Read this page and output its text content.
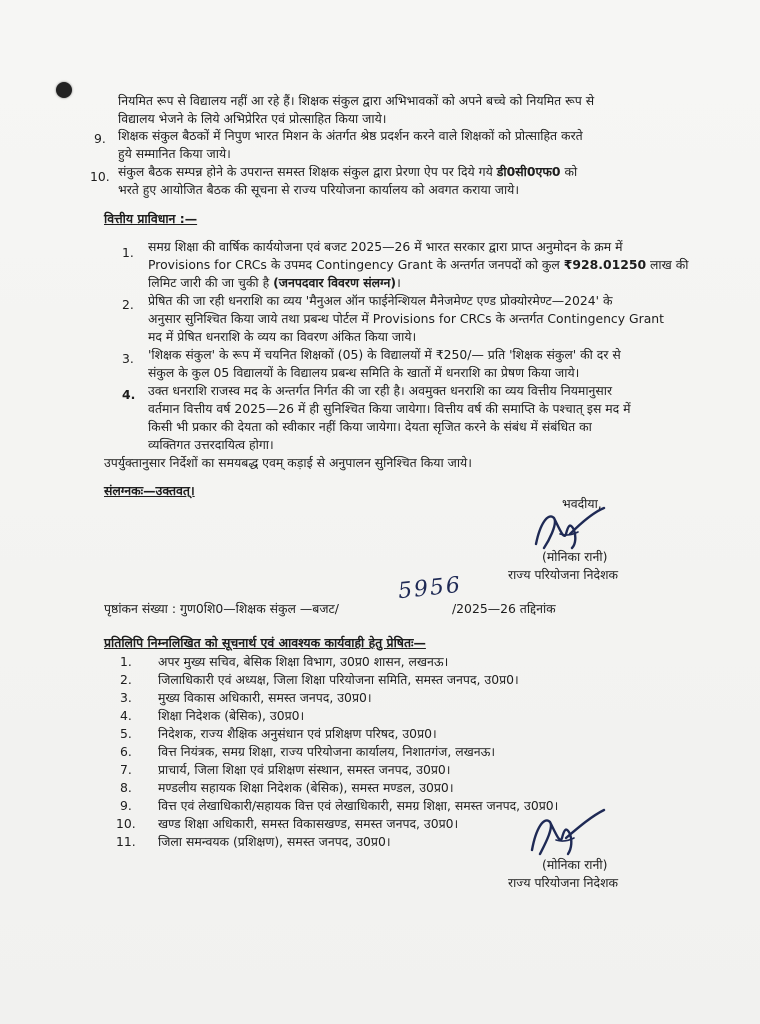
नियमित रूप से विद्यालय नहीं आ रहे हैं। शिक्षक संकुल द्वारा अभिभावकों को अपने बच्चे को नियमित रूप से
विद्यालय भेजने के लिये अभिप्रेरित एवं प्रोत्साहित किया जाये।
9. शिक्षक संकुल बैठकों में निपुण भारत मिशन के अंतर्गत श्रेष्ठ प्रदर्शन करने वाले शिक्षकों को प्रोत्साहित करते
हुये सम्मानित किया जाये।
10. संकुल बैठक सम्पन्न होने के उपरान्त समस्त शिक्षक संकुल द्वारा प्रेरणा ऐप पर दिये गये डी0सी0एफ0 को
भरते हुए आयोजित बैठक की सूचना से राज्य परियोजना कार्यालय को अवगत कराया जाये।
वित्तीय प्राविधान :—
1. समग्र शिक्षा की वार्षिक कार्ययोजना एवं बजट 2025—26 में भारत सरकार द्वारा प्राप्त अनुमोदन के क्रम में
Provisions for CRCs के उपमद Contingency Grant के अन्तर्गत जनपदों को कुल ₹928.01250 लाख की
लिमिट जारी की जा चुकी है (जनपदवार विवरण संलग्न)।
2. प्रेषित की जा रही धनराशि का व्यय 'मैनुअल ऑन फाईनेन्शियल मैनेजमेण्ट एण्ड प्रोक्योरमेण्ट—2024' के
अनुसार सुनिश्चित किया जाये तथा प्रबन्ध पोर्टल में Provisions for CRCs के अन्तर्गत Contingency Grant
मद में प्रेषित धनराशि के व्यय का विवरण अंकित किया जाये।
3. 'शिक्षक संकुल' के रूप में चयनित शिक्षकों (05) के विद्यालयों में ₹250/— प्रति 'शिक्षक संकुल' की दर से
संकुल के कुल 05 विद्यालयों के विद्यालय प्रबन्ध समिति के खातों में धनराशि का प्रेषण किया जाये।
4. उक्त धनराशि राजस्व मद के अन्तर्गत निर्गत की जा रही है। अवमुक्त धनराशि का व्यय वित्तीय नियमानुसार
वर्तमान वित्तीय वर्ष 2025—26 में ही सुनिश्चित किया जायेगा। वित्तीय वर्ष की समाप्ति के पश्चात् इस मद में
किसी भी प्रकार की देयता को स्वीकार नहीं किया जायेगा। देयता सृजित करने के संबंध में संबंधित का
व्यक्तिगत उत्तरदायित्व होगा।
उपर्युक्तानुसार निर्देशों का समयबद्ध एवम् कड़ाई से अनुपालन सुनिश्चित किया जाये।
संलग्नकः—उक्तवत्।
भवदीया,
(मोनिका रानी)
राज्य परियोजना निदेशक
पृष्ठांकन संख्या : गुण0शि0—शिक्षक संकुल —बजट/
5956
/2025—26 तद्दिनांक
प्रतिलिपि निम्नलिखित को सूचनार्थ एवं आवश्यक कार्यवाही हेतु प्रेषितः—
1. अपर मुख्य सचिव, बेसिक शिक्षा विभाग, उ0प्र0 शासन, लखनऊ।
2. जिलाधिकारी एवं अध्यक्ष, जिला शिक्षा परियोजना समिति, समस्त जनपद, उ0प्र0।
3. मुख्य विकास अधिकारी, समस्त जनपद, उ0प्र0।
4. शिक्षा निदेशक (बेसिक), उ0प्र0।
5. निदेशक, राज्य शैक्षिक अनुसंधान एवं प्रशिक्षण परिषद, उ0प्र0।
6. वित्त नियंत्रक, समग्र शिक्षा, राज्य परियोजना कार्यालय, निशातगंज, लखनऊ।
7. प्राचार्य, जिला शिक्षा एवं प्रशिक्षण संस्थान, समस्त जनपद, उ0प्र0।
8. मण्डलीय सहायक शिक्षा निदेशक (बेसिक), समस्त मण्डल, उ0प्र0।
9. वित्त एवं लेखाधिकारी/सहायक वित्त एवं लेखाधिकारी, समग्र शिक्षा, समस्त जनपद, उ0प्र0।
10. खण्ड शिक्षा अधिकारी, समस्त विकासखण्ड, समस्त जनपद, उ0प्र0।
11. जिला समन्वयक (प्रशिक्षण), समस्त जनपद, उ0प्र0।
(मोनिका रानी)
राज्य परियोजना निदेशक
